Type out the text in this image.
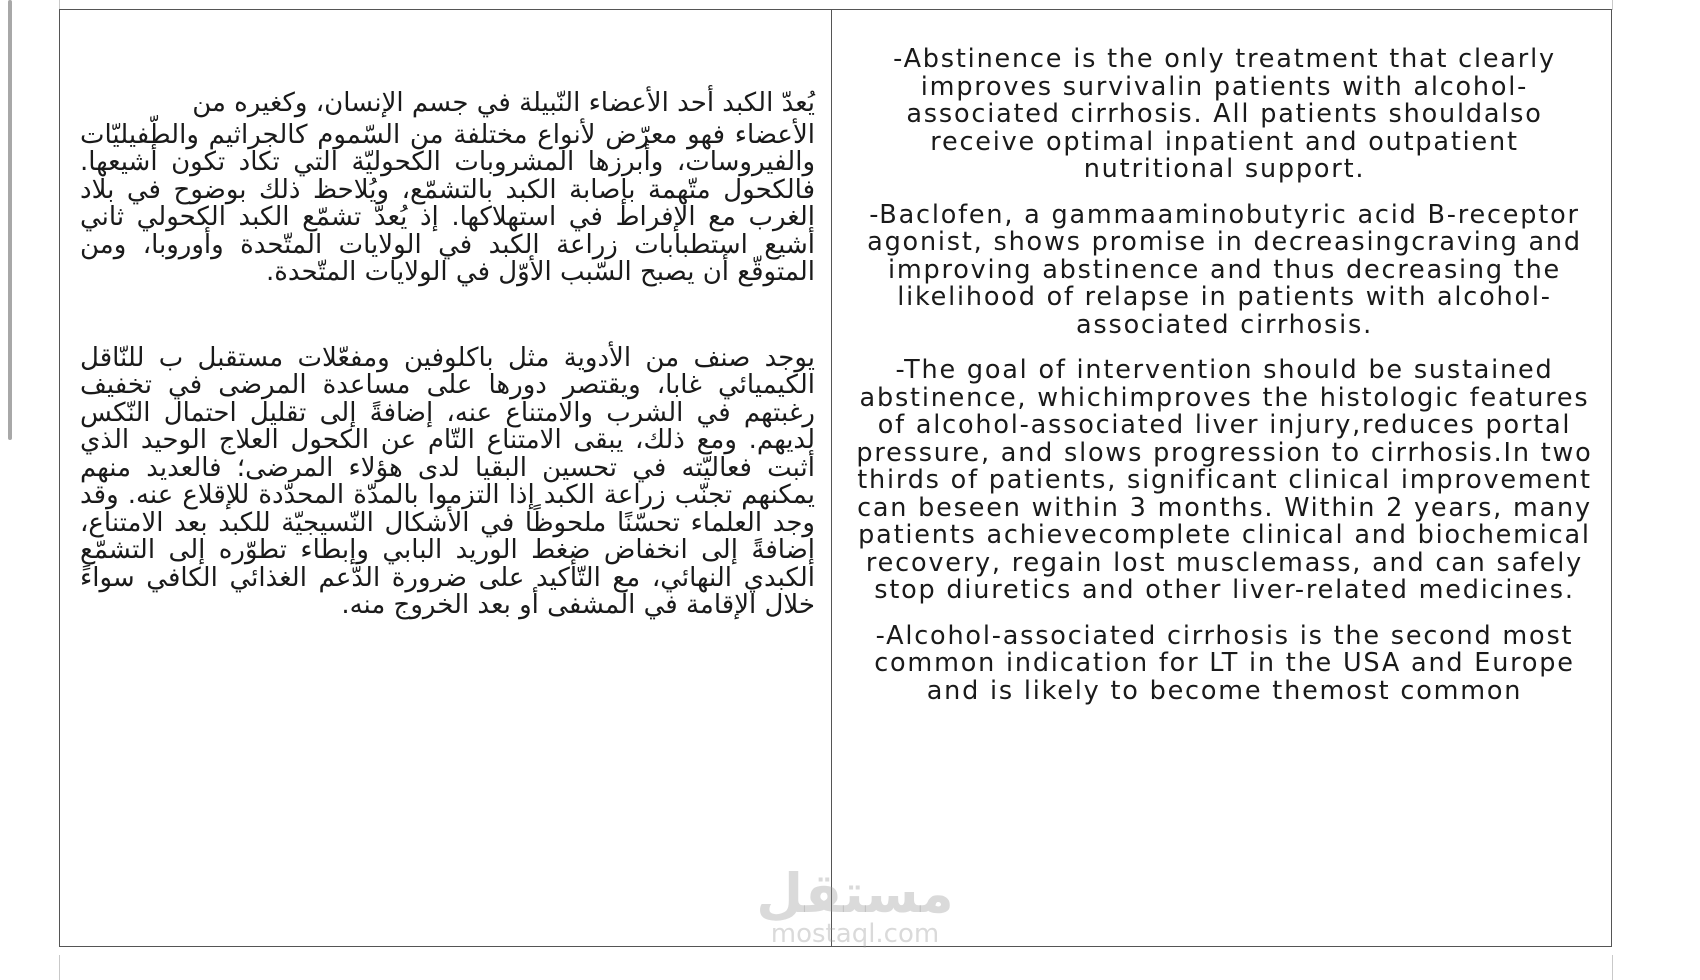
يُعدّ الكبد أحد الأعضاء النّبيلة في جسم الإنسان، وكغيره من

الأعضاء فهو معرّض لأنواع مختلفة من السّموم كالجراثيم والطّفيليّات والفيروسات، وأبرزها المشروبات الكحوليّة التي تكاد تكون أشيعها. فالكحول متّهمة بإصابة الكبد بالتشمّع، ويُلاحظ ذلك بوضوح في بلاد الغرب مع الإفراط في استهلاكها. إذ يُعدّ تشمّع الكبد الكحولي ثاني أشيع استطبابات زراعة الكبد في الولايات المتّحدة وأوروبا، ومن المتوقّع أن يصبح السّبب الأوّل في الولايات المتّحدة.

يوجد صنف من الأدوية مثل باكلوفين ومفعّلات مستقبل ب للنّاقل الكيميائي غابا، ويقتصر دورها على مساعدة المرضى في تخفيف رغبتهم في الشرب والامتناع عنه، إضافةً إلى تقليل احتمال النّكس لديهم. ومع ذلك، يبقى الامتناع التّام عن الكحول العلاج الوحيد الذي أثبت فعاليّته في تحسين البقيا لدى هؤلاء المرضى؛ فالعديد منهم يمكنهم تجنّب زراعة الكبد إذا التزموا بالمدّة المحدّدة للإقلاع عنه. وقد وجد العلماء تحسّنًا ملحوظًا في الأشكال النّسيجيّة للكبد بعد الامتناع، إضافةً إلى انخفاض ضغط الوريد البابي وإبطاء تطوّره إلى التشمّع الكبدي النهائي، مع التّأكيد على ضرورة الدّعم الغذائي الكافي سواءً خلال الإقامة في المشفى أو بعد الخروج منه.

-Abstinence is the only treatment that clearly improves survivalin patients with alcohol-associated cirrhosis. All patients shouldalso receive optimal inpatient and outpatient nutritional support.

-Baclofen, a gammaaminobutyric acid B-receptor agonist, shows promise in decreasingcraving and improving abstinence and thus decreasing the likelihood of relapse in patients with alcohol-associated cirrhosis.

-The goal of intervention should be sustained abstinence, whichimproves the histologic features of alcohol-associated liver injury,reduces portal pressure, and slows progression to cirrhosis.In two thirds of patients, significant clinical improvement can beseen within 3 months. Within 2 years, many patients achievecomplete clinical and biochemical recovery, regain lost musclemass, and can safely stop diuretics and other liver-related medicines.

-Alcohol-associated cirrhosis is the second most common indication for LT in the USA and Europe and is likely to become themost common

مستقل
mostaql.com
